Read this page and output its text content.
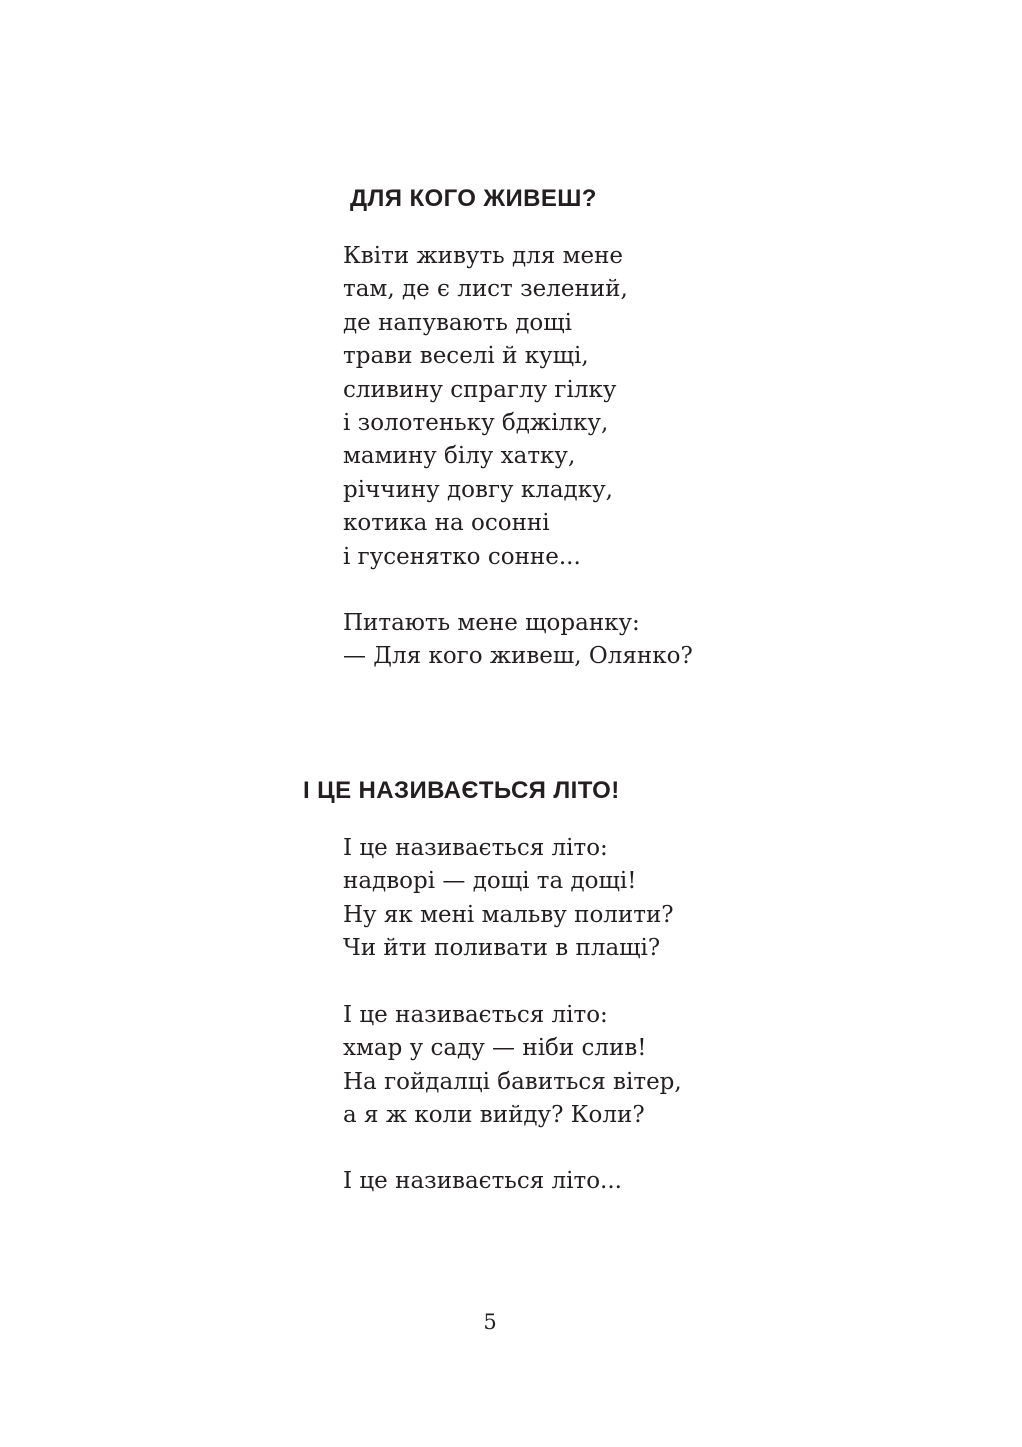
ДЛЯ КОГО ЖИВЕШ?

Квіти живуть для мене
там, де є лист зелений,
де напувають дощі
трави веселі й кущі,
сливину спраглу гілку
і золотеньку бджілку,
мамину білу хатку,
річчину довгу кладку,
котика на осонні
і гусенятко сонне...

Питають мене щоранку:
— Для кого живеш, Олянко?

І ЦЕ НАЗИВАЄТЬСЯ ЛІТО!

І це називається літо:
надворі — дощі та дощі!
Ну як мені мальву полити?
Чи йти поливати в плащі?

І це називається літо:
хмар у саду — ніби слив!
На гойдалці бавиться вітер,
а я ж коли вийду? Коли?

І це називається літо...

5
